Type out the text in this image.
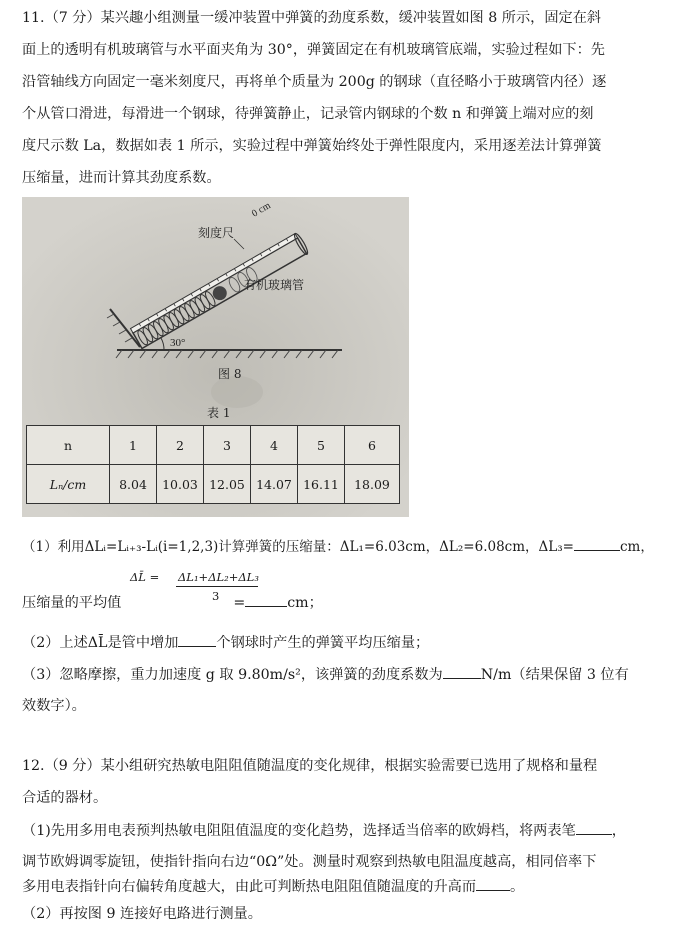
11.（7 分）某兴趣小组测量一缓冲装置中弹簧的劲度系数，缓冲装置如图 8 所示，固定在斜
面上的透明有机玻璃管与水平面夹角为 30°，弹簧固定在有机玻璃管底端，实验过程如下：先
沿管轴线方向固定一毫米刻度尺，再将单个质量为 200g 的钢球（直径略小于玻璃管内径）逐
个从管口滑进，每滑进一个钢球，待弹簧静止，记录管内钢球的个数 n 和弹簧上端对应的刻
度尺示数 La，数据如表 1 所示，实验过程中弹簧始终处于弹性限度内，采用逐差法计算弹簧
压缩量，进而计算其劲度系数。
30°
刻度尺
0 cm
有机玻璃管
图 8
表 1
n	1	2	3	4	5	6
Lₙ/cm	8.04	10.03	12.05	14.07	16.11	18.09
（1）利用ΔLᵢ=Lᵢ₊₃-Lᵢ(i=1,2,3)计算弹簧的压缩量：ΔL₁=6.03cm，ΔL₂=6.08cm，ΔL₃=	cm，
ΔL̄ = ΔL₁+ΔL₂+ΔL₃
3
压缩量的平均值	=	cm；
（2）上述ΔL̄是管中增加	个钢球时产生的弹簧平均压缩量；
（3）忽略摩擦，重力加速度 g 取 9.80m/s²，该弹簧的劲度系数为	N/m（结果保留 3 位有
效数字）。
12.（9 分）某小组研究热敏电阻阻值随温度的变化规律，根据实验需要已选用了规格和量程
合适的器材。
（1)先用多用电表预判热敏电阻阻值温度的变化趋势，选择适当倍率的欧姆档，将两表笔	，
调节欧姆调零旋钮，使指针指向右边“0Ω”处。测量时观察到热敏电阻温度越高，相同倍率下
多用电表指针向右偏转角度越大，由此可判断热电阻阻值随温度的升高而 。
（2）再按图 9 连接好电路进行测量。
